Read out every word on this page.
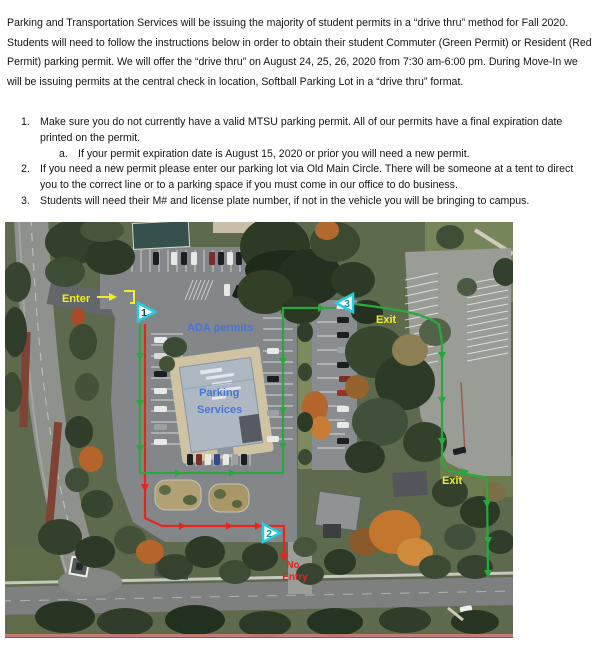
Parking and Transportation Services will be issuing the majority of student permits in a “drive thru” method for Fall 2020. Students will need to follow the instructions below in order to obtain their student Commuter (Green Permit) or Resident (Red Permit) parking permit. We will offer the “drive thru” on August 24, 25, 26, 2020 from 7:30 am-6:00 pm. During Move-In we will be issuing permits at the central check in location, Softball Parking Lot in a “drive thru” format.

1. Make sure you do not currently have a valid MTSU parking permit. All of our permits have a final expiration date printed on the permit.
a. If your permit expiration date is August 15, 2020 or prior you will need a new permit.
2. If you need a new permit please enter our parking lot via Old Main Circle. There will be someone at a tent to direct you to the correct line or to a parking space if you must come in our office to do business.
3. Students will need their M# and license plate number, if not in the vehicle you will be bringing to campus.
Enter
Exit
Exit
ADA permits
Parking
Services
No
Entry
1
2
3
